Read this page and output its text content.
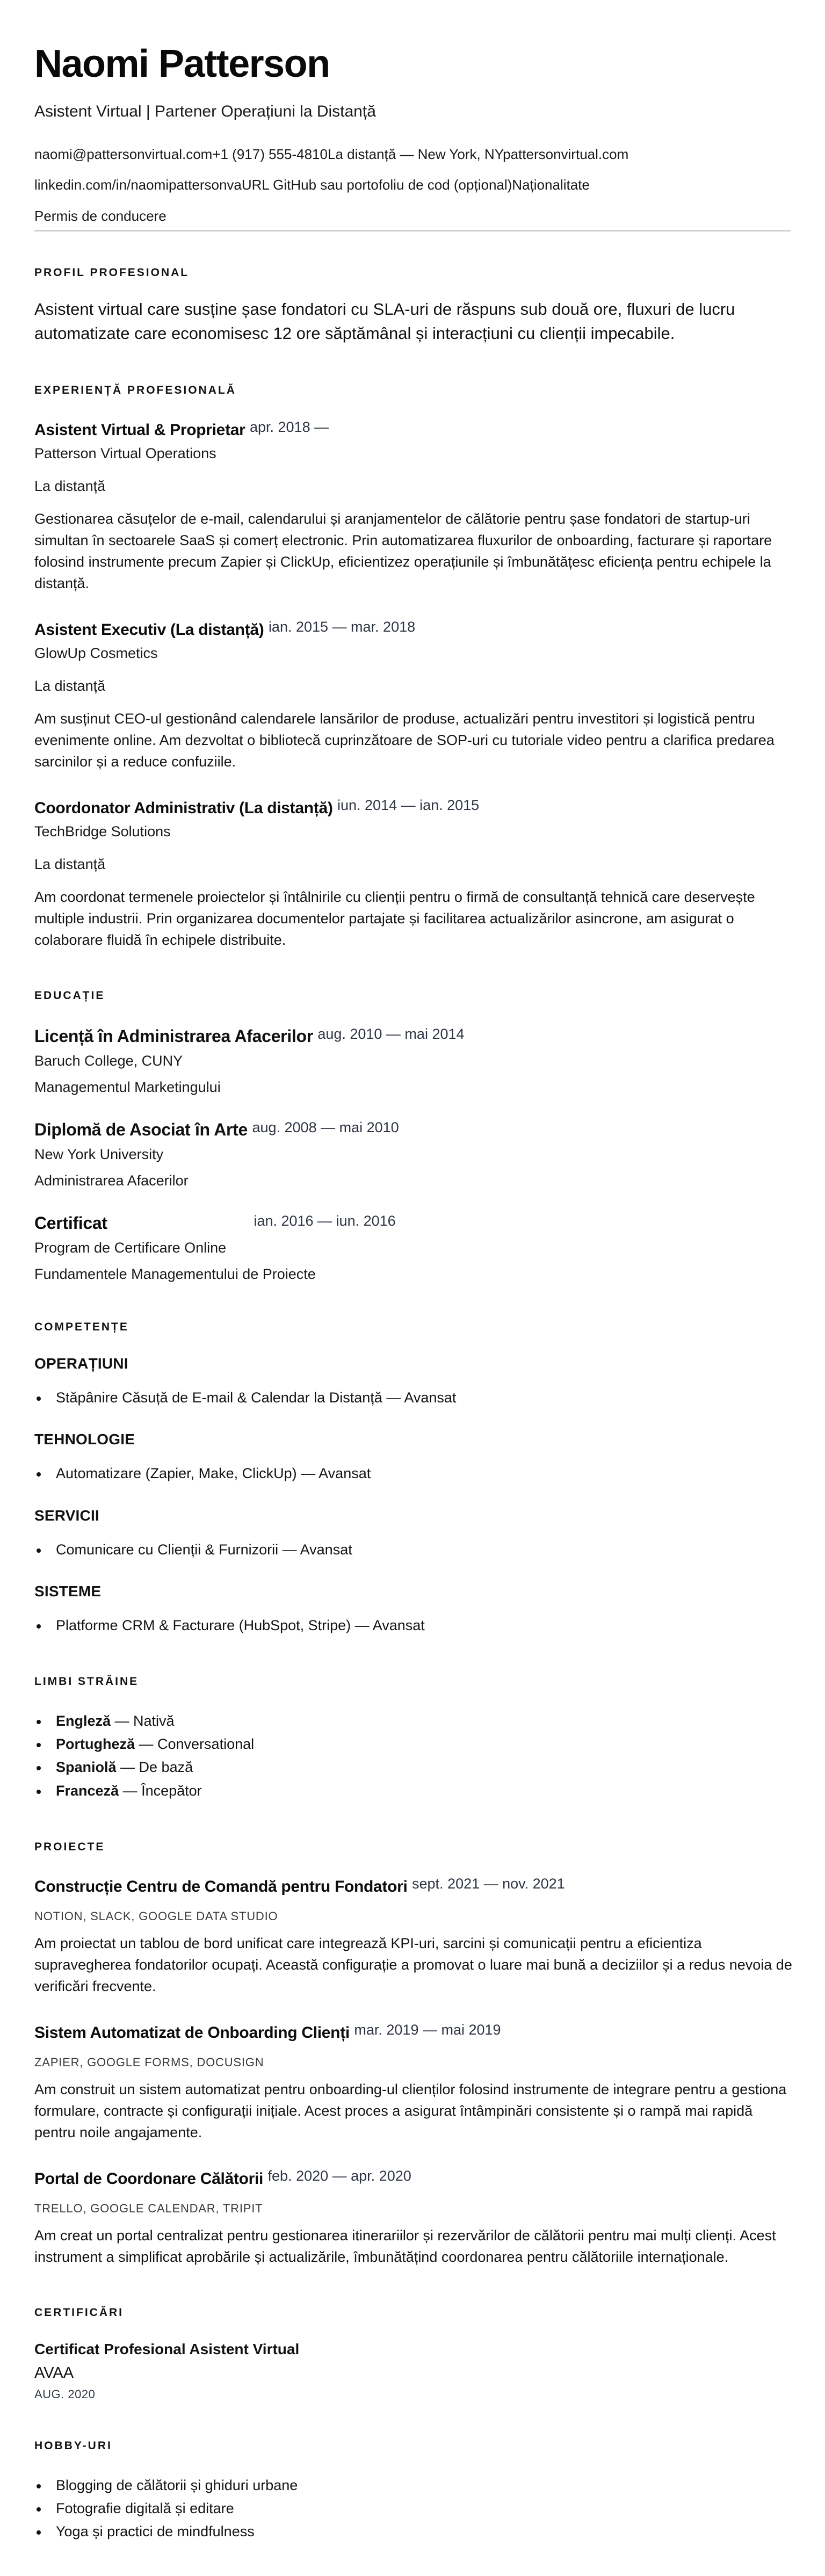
Naomi Patterson
Asistent Virtual | Partener Operațiuni la Distanță
naomi@pattersonvirtual.com+1 (917) 555-4810La distanță — New York, NYpattersonvirtual.com
linkedin.com/in/naomipattersonvaURL GitHub sau portofoliu de cod (opțional)Naționalitate
Permis de conducere
PROFIL PROFESIONAL

Asistent virtual care susține șase fondatori cu SLA-uri de răspuns sub două ore, fluxuri de lucru automatizate care economisesc 12 ore săptămânal și interacțiuni cu clienții impecabile.

EXPERIENȚĂ PROFESIONALĂ
Asistent Virtual & Proprietar apr. 2018 —
Patterson Virtual Operations
La distanță

Gestionarea căsuțelor de e-mail, calendarului și aranjamentelor de călătorie pentru șase fondatori de startup-uri simultan în sectoarele SaaS și comerț electronic. Prin automatizarea fluxurilor de onboarding, facturare și raportare folosind instrumente precum Zapier și ClickUp, eficientizez operațiunile și îmbunătățesc eficiența pentru echipele la distanță.

Asistent Executiv (La distanță) ian. 2015 — mar. 2018
GlowUp Cosmetics
La distanță

Am susținut CEO-ul gestionând calendarele lansărilor de produse, actualizări pentru investitori și logistică pentru evenimente online. Am dezvoltat o bibliotecă cuprinzătoare de SOP-uri cu tutoriale video pentru a clarifica predarea sarcinilor și a reduce confuziile.

Coordonator Administrativ (La distanță) iun. 2014 — ian. 2015
TechBridge Solutions
La distanță

Am coordonat termenele proiectelor și întâlnirile cu clienții pentru o firmă de consultanță tehnică care deservește multiple industrii. Prin organizarea documentelor partajate și facilitarea actualizărilor asincrone, am asigurat o colaborare fluidă în echipele distribuite.

EDUCAȚIE
Licență în Administrarea Afacerilor aug. 2010 — mai 2014
Baruch College, CUNY
Managementul Marketingului
Diplomă de Asociat în Arte aug. 2008 — mai 2010
New York University
Administrarea Afacerilor
Certificat	ian. 2016 — iun. 2016
Program de Certificare Online
Fundamentele Managementului de Proiecte
COMPETENȚE
OPERAȚIUNI
Stăpânire Căsuță de E-mail & Calendar la Distanță — Avansat
TEHNOLOGIE
Automatizare (Zapier, Make, ClickUp) — Avansat
SERVICII
Comunicare cu Clienții & Furnizorii — Avansat
SISTEME
Platforme CRM & Facturare (HubSpot, Stripe) — Avansat
LIMBI STRĂINE
Engleză — Nativă
Portugheză — Conversational
Spaniolă — De bază
Franceză — Începător
PROIECTE
Construcție Centru de Comandă pentru Fondatori sept. 2021 — nov. 2021
NOTION, SLACK, GOOGLE DATA STUDIO

Am proiectat un tablou de bord unificat care integrează KPI-uri, sarcini și comunicații pentru a eficientiza supravegherea fondatorilor ocupați. Această configurație a promovat o luare mai bună a deciziilor și a redus nevoia de verificări frecvente.

Sistem Automatizat de Onboarding Clienți mar. 2019 — mai 2019
ZAPIER, GOOGLE FORMS, DOCUSIGN

Am construit un sistem automatizat pentru onboarding-ul clienților folosind instrumente de integrare pentru a gestiona formulare, contracte și configurații inițiale. Acest proces a asigurat întâmpinări consistente și o rampă mai rapidă pentru noile angajamente.

Portal de Coordonare Călătorii feb. 2020 — apr. 2020
TRELLO, GOOGLE CALENDAR, TRIPIT

Am creat un portal centralizat pentru gestionarea itinerariilor și rezervărilor de călătorii pentru mai mulți clienți. Acest instrument a simplificat aprobările și actualizările, îmbunătățind coordonarea pentru călătoriile internaționale.

CERTIFICĂRI
Certificat Profesional Asistent Virtual
AVAA
AUG. 2020
HOBBY-URI
Blogging de călătorii și ghiduri urbane
Fotografie digitală și editare
Yoga și practici de mindfulness
